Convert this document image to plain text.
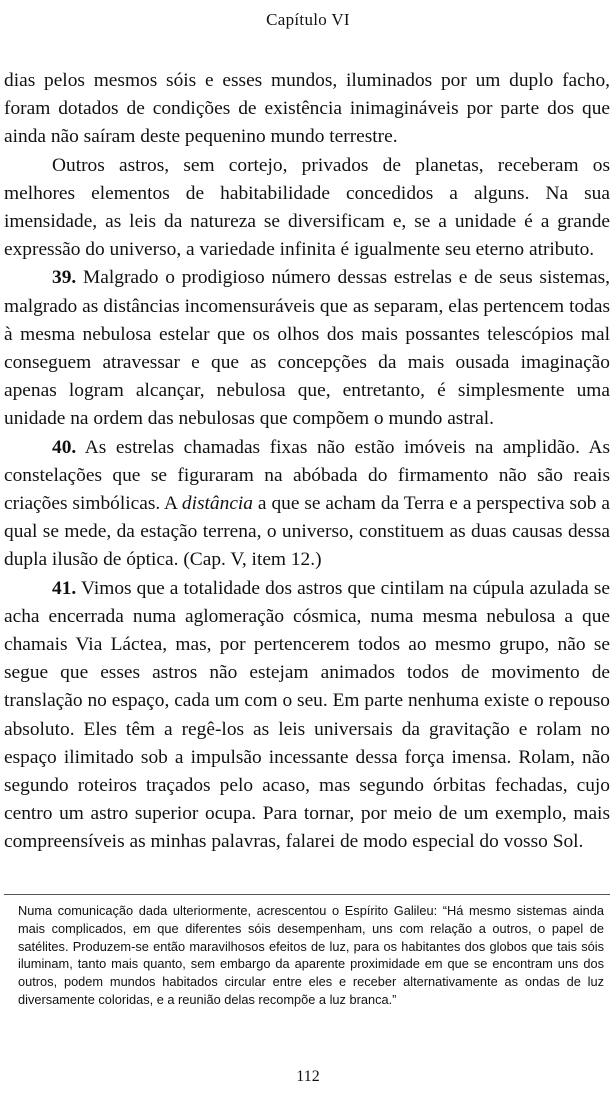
Capítulo VI

dias pelos mesmos sóis e esses mundos, iluminados por um duplo facho, foram dotados de condições de existência inimagináveis por parte dos que ainda não saíram deste pequenino mundo terrestre.

Outros astros, sem cortejo, privados de planetas, receberam os melhores elementos de habitabilidade concedidos a alguns. Na sua imensidade, as leis da natureza se diversificam e, se a unidade é a grande expressão do universo, a variedade infinita é igualmente seu eterno atributo.

39. Malgrado o prodigioso número dessas estrelas e de seus sistemas, malgrado as distâncias incomensuráveis que as separam, elas pertencem todas à mesma nebulosa estelar que os olhos dos mais possantes telescópios mal conseguem atravessar e que as concepções da mais ousada imaginação apenas logram alcançar, nebulosa que, entretanto, é simplesmente uma unidade na ordem das nebulosas que compõem o mundo astral.

40. As estrelas chamadas fixas não estão imóveis na amplidão. As constelações que se figuraram na abóbada do firmamento não são reais criações simbólicas. A distância a que se acham da Terra e a perspectiva sob a qual se mede, da estação terrena, o universo, constituem as duas causas dessa dupla ilusão de óptica. (Cap. V, item 12.)

41. Vimos que a totalidade dos astros que cintilam na cúpula azulada se acha encerrada numa aglomeração cósmica, numa mesma nebulosa a que chamais Via Láctea, mas, por pertencerem todos ao mesmo grupo, não se segue que esses astros não estejam animados todos de movimento de translação no espaço, cada um com o seu. Em parte nenhuma existe o repouso absoluto. Eles têm a regê-los as leis universais da gravitação e rolam no espaço ilimitado sob a impulsão incessante dessa força imensa. Rolam, não segundo roteiros traçados pelo acaso, mas segundo órbitas fechadas, cujo centro um astro superior ocupa. Para tornar, por meio de um exemplo, mais compreensíveis as minhas palavras, falarei de modo especial do vosso Sol.

Numa comunicação dada ulteriormente, acrescentou o Espírito Galileu: “Há mesmo sistemas ainda mais complicados, em que diferentes sóis desempenham, uns com relação a outros, o papel de satélites. Produzem-se então maravilhosos efeitos de luz, para os habitantes dos globos que tais sóis iluminam, tanto mais quanto, sem embargo da aparente proximidade em que se encontram uns dos outros, podem mundos habitados circular entre eles e receber alternativamente as ondas de luz diversamente coloridas, e a reunião delas recompõe a luz branca.”
112
